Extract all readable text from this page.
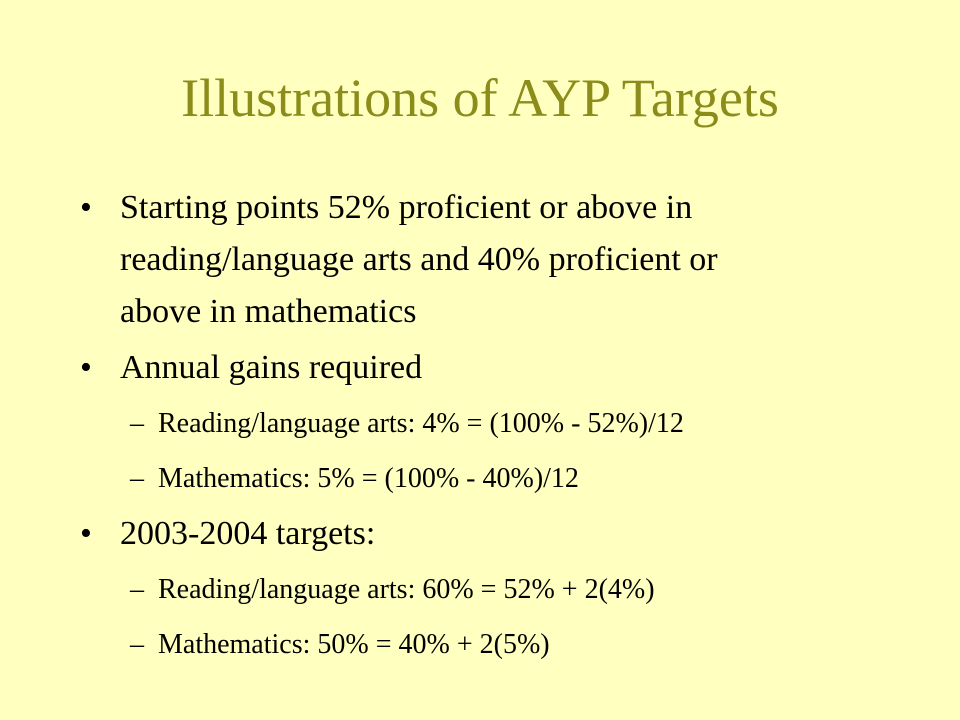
Illustrations of AYP Targets
• Starting points 52% proficient or above in
reading/language arts and 40% proficient or
above in mathematics
• Annual gains required
– Reading/language arts: 4% = (100% - 52%)/12
– Mathematics: 5% = (100% - 40%)/12
• 2003-2004 targets:
– Reading/language arts: 60% = 52% + 2(4%)
– Mathematics: 50% = 40% + 2(5%)
